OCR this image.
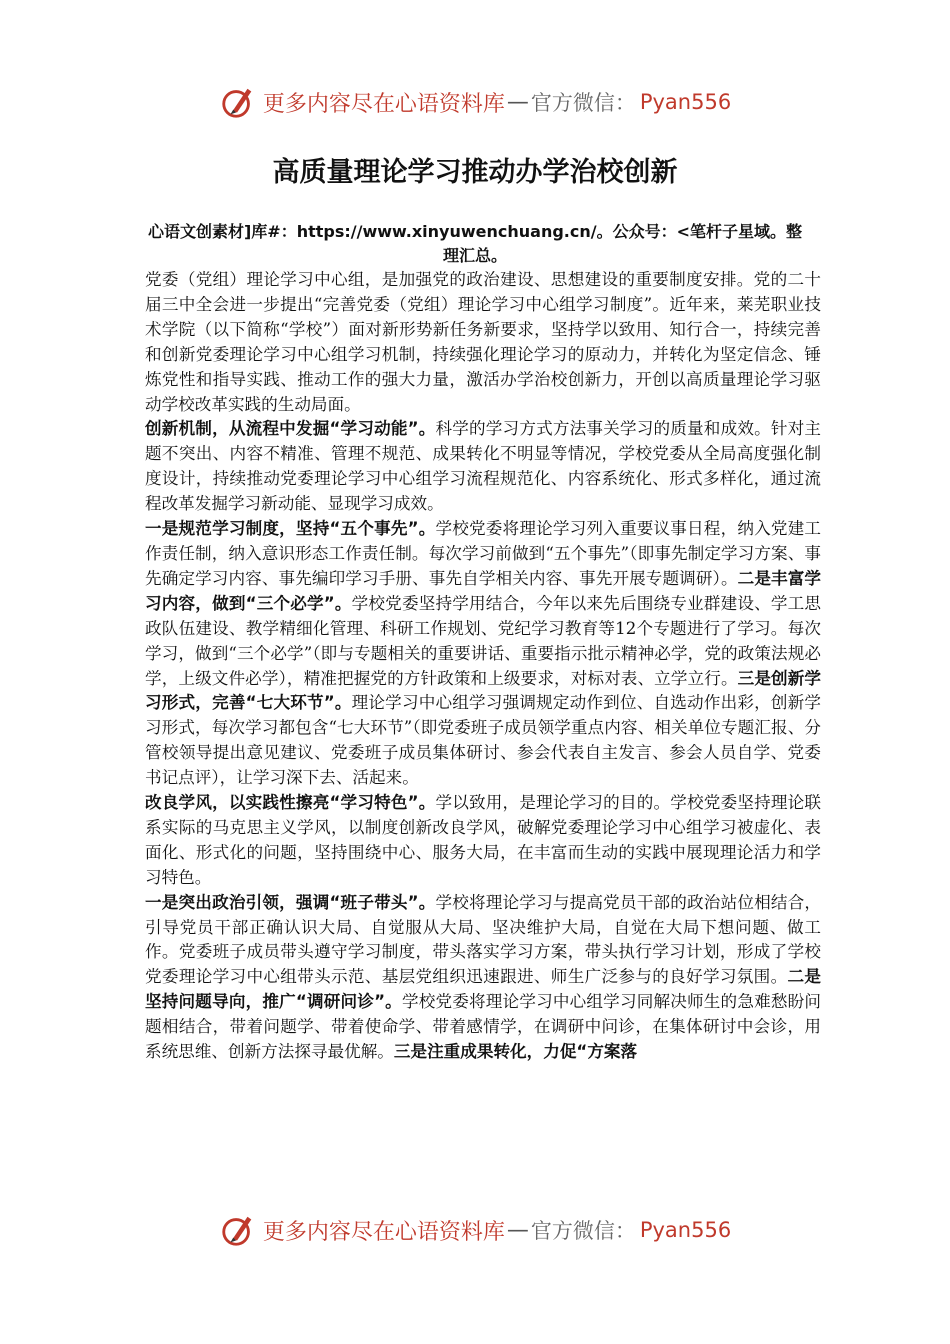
更多内容尽在心语资料库 — 官方微信： Pyan556
高质量理论学习推动办学治校创新
心语文创素材]库#：https://www.xinyuwenchuang.cn/。公众号：<笔杆子星域。整理汇总。

党委（党组）理论学习中心组，是加强党的政治建设、思想建设的重要制度安排。党的二十届三中全会进一步提出“完善党委（党组）理论学习中心组学习制度”。近年来，莱芜职业技术学院（以下简称“学校”）面对新形势新任务新要求，坚持学以致用、知行合一，持续完善和创新党委理论学习中心组学习机制，持续强化理论学习的原动力，并转化为坚定信念、锤炼党性和指导实践、推动工作的强大力量，激活办学治校创新力，开创以高质量理论学习驱动学校改革实践的生动局面。

创新机制，从流程中发掘“学习动能”。科学的学习方式方法事关学习的质量和成效。针对主题不突出、内容不精准、管理不规范、成果转化不明显等情况，学校党委从全局高度强化制度设计，持续推动党委理论学习中心组学习流程规范化、内容系统化、形式多样化，通过流程改革发掘学习新动能、显现学习成效。

一是规范学习制度，坚持“五个事先”。学校党委将理论学习列入重要议事日程，纳入党建工作责任制，纳入意识形态工作责任制。每次学习前做到“五个事先”（即事先制定学习方案、事先确定学习内容、事先编印学习手册、事先自学相关内容、事先开展专题调研）。二是丰富学习内容，做到“三个必学”。学校党委坚持学用结合，今年以来先后围绕专业群建设、学工思政队伍建设、教学精细化管理、科研工作规划、党纪学习教育等12个专题进行了学习。每次学习，做到“三个必学”（即与专题相关的重要讲话、重要指示批示精神必学，党的政策法规必学，上级文件必学），精准把握党的方针政策和上级要求，对标对表、立学立行。三是创新学习形式，完善“七大环节”。理论学习中心组学习强调规定动作到位、自选动作出彩，创新学习形式，每次学习都包含“七大环节”（即党委班子成员领学重点内容、相关单位专题汇报、分管校领导提出意见建议、党委班子成员集体研讨、参会代表自主发言、参会人员自学、党委书记点评），让学习深下去、活起来。

改良学风，以实践性擦亮“学习特色”。学以致用，是理论学习的目的。学校党委坚持理论联系实际的马克思主义学风，以制度创新改良学风，破解党委理论学习中心组学习被虚化、表面化、形式化的问题，坚持围绕中心、服务大局，在丰富而生动的实践中展现理论活力和学习特色。

一是突出政治引领，强调“班子带头”。学校将理论学习与提高党员干部的政治站位相结合，引导党员干部正确认识大局、自觉服从大局、坚决维护大局，自觉在大局下想问题、做工作。党委班子成员带头遵守学习制度，带头落实学习方案，带头执行学习计划，形成了学校党委理论学习中心组带头示范、基层党组织迅速跟进、师生广泛参与的良好学习氛围。二是坚持问题导向，推广“调研问诊”。学校党委将理论学习中心组学习同解决师生的急难愁盼问题相结合，带着问题学、带着使命学、带着感情学，在调研中问诊，在集体研讨中会诊，用系统思维、创新方法探寻最优解。三是注重成果转化，力促“方案落

更多内容尽在心语资料库 — 官方微信： Pyan556
